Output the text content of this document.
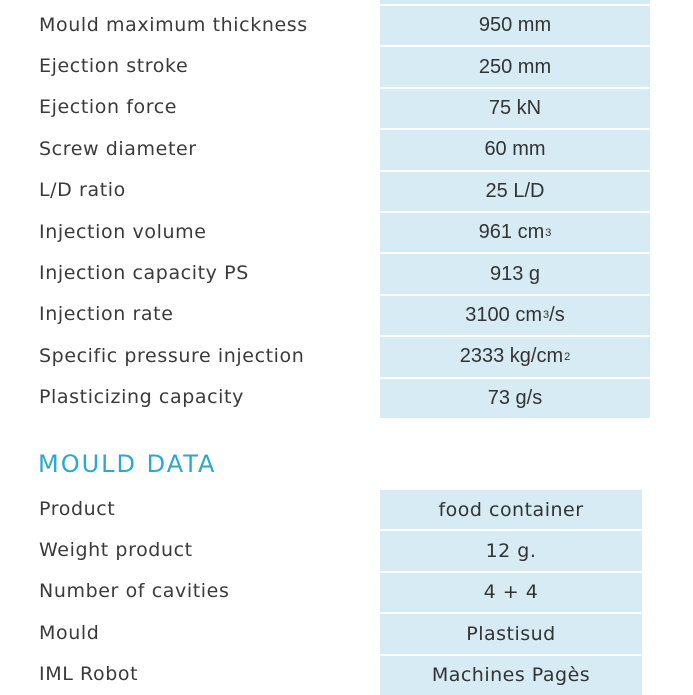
Mould maximum thickness	950 mm
Ejection stroke	250 mm
Ejection force	75 kN
Screw diameter	60 mm
L/D ratio	25 L/D
Injection volume	961 cm 3
Injection capacity PS	913 g
Injection rate	3100 cm 3 /s
Specific pressure injection	2333 kg/cm 2
Plasticizing capacity	73 g/s
MOULD DATA
Product	food container
Weight product	12 g.
Number of cavities	4 + 4
Mould	Plastisud
IML Robot	Machines Pagès
